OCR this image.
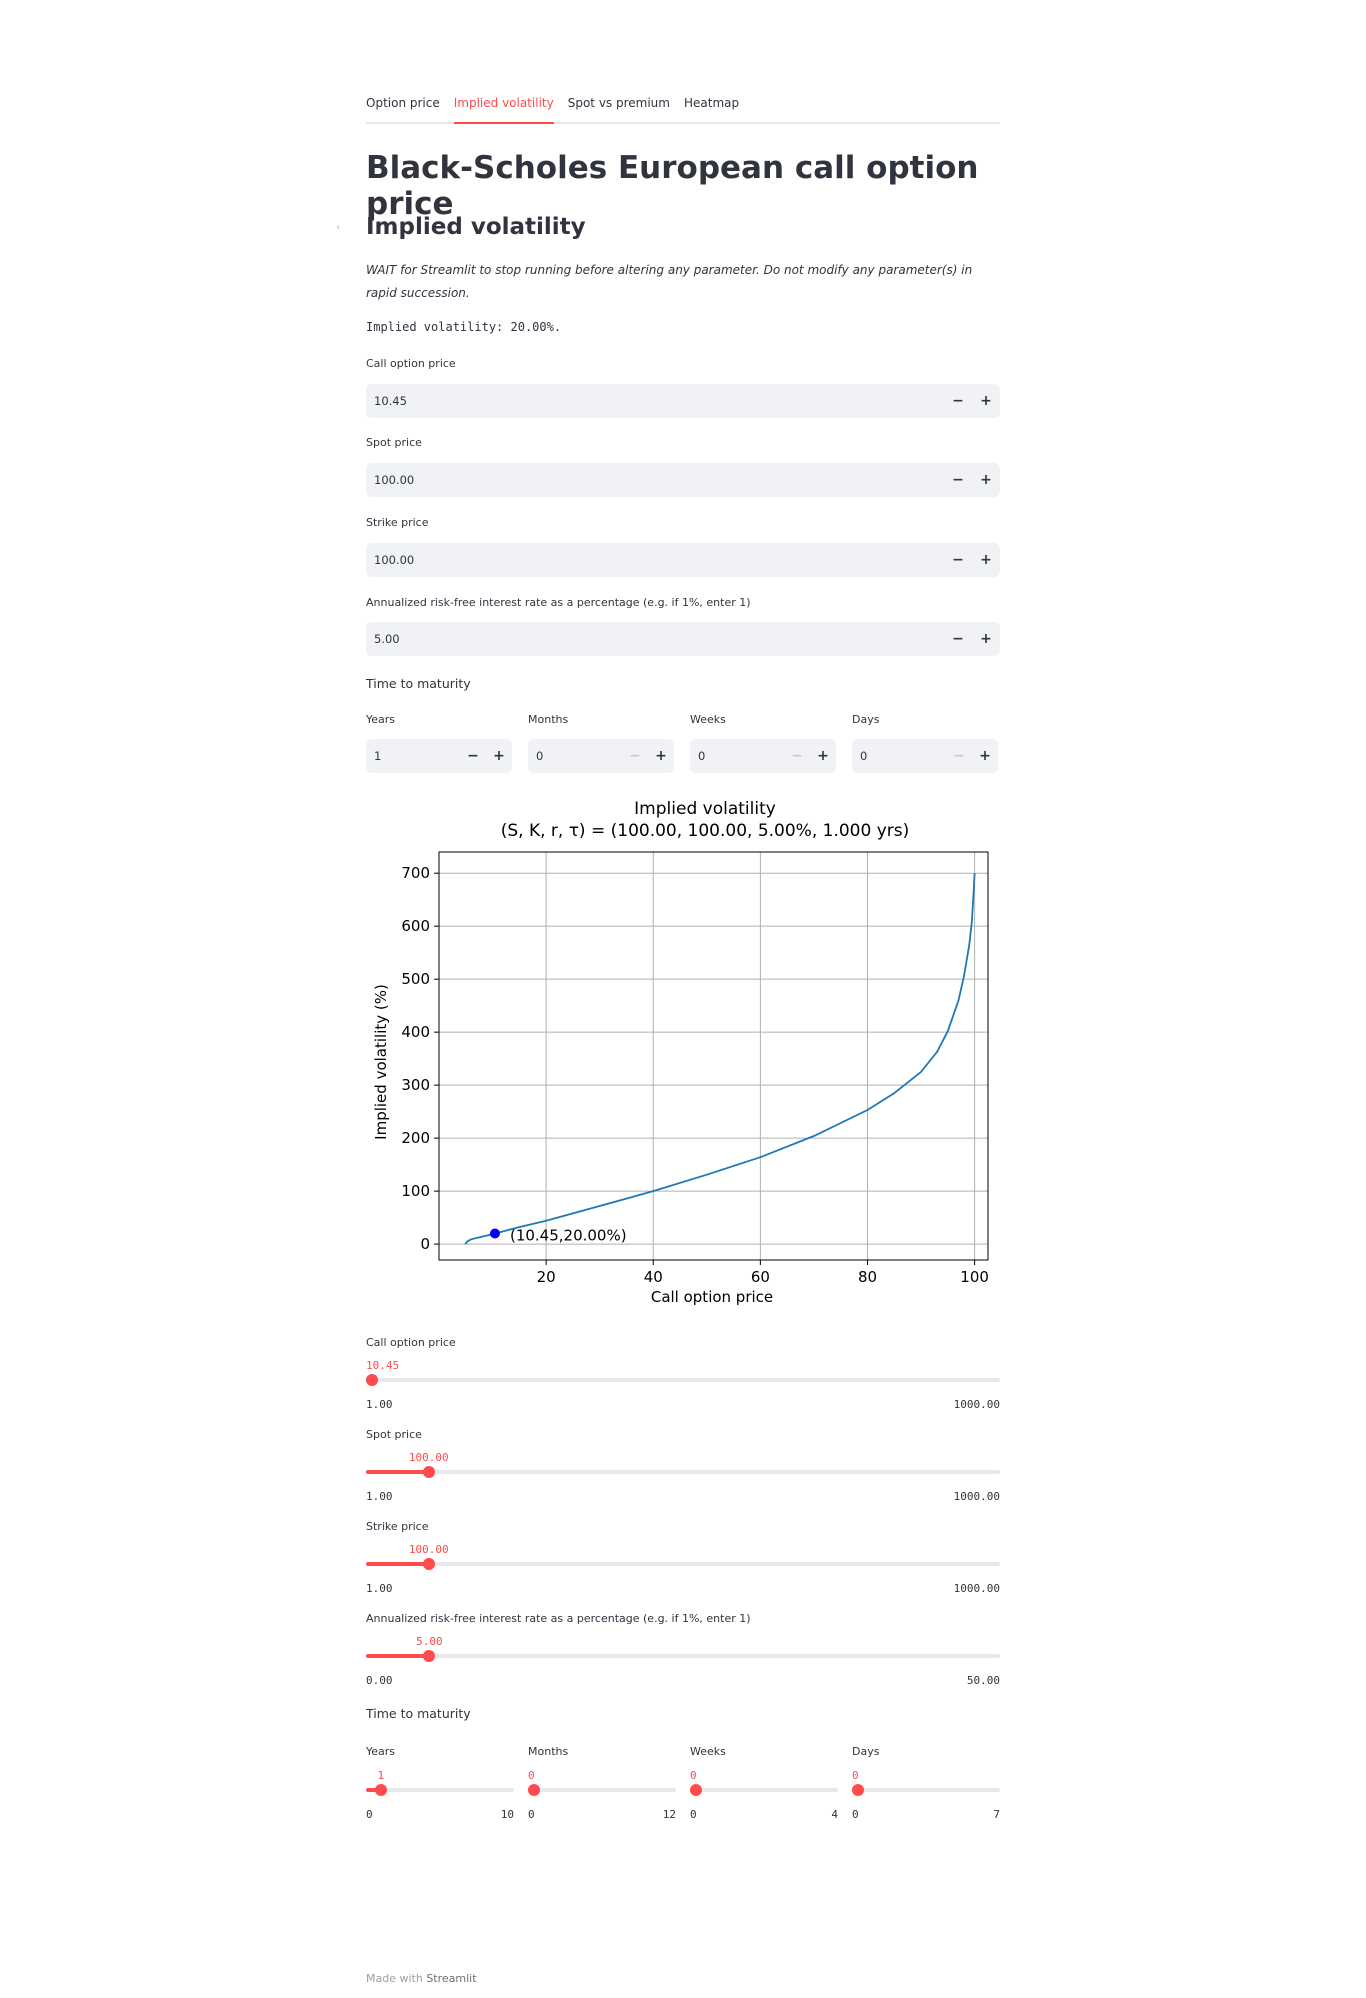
Option price Implied volatility Spot vs premium Heatmap
Black-Scholes European call option price
‹ Implied volatility
WAIT for Streamlit to stop running before altering any parameter. Do not modify any parameter(s) in rapid succession.
Implied volatility: 20.00%.
Call option price
10.45	−	+
Spot price
100.00	−	+
Strike price
100.00	−	+
Annualized risk-free interest rate as a percentage (e.g. if 1%, enter 1)
5.00	−	+
Time to maturity
Years	Months	Weeks	Days
1	−	+	0	−	+	0	−	+	0	−	+
Implied volatility
(S, K, r, τ) = (100.00, 100.00, 5.00%, 1.000 yrs)
20	40	60	80	100
0
100
200
300
400
500
600
700
(10.45,20.00%)
Call option price
Implied volatility (%)
Call option price
10.45
1.00	1000.00
Spot price
100.00
1.00	1000.00
Strike price
100.00
1.00	1000.00
Annualized risk-free interest rate as a percentage (e.g. if 1%, enter 1)
5.00
0.00	50.00
Time to maturity
Years	Months	Weeks	Days
1
0	10
0
0	12
0
0	4
0
0	7
Made with Streamlit
